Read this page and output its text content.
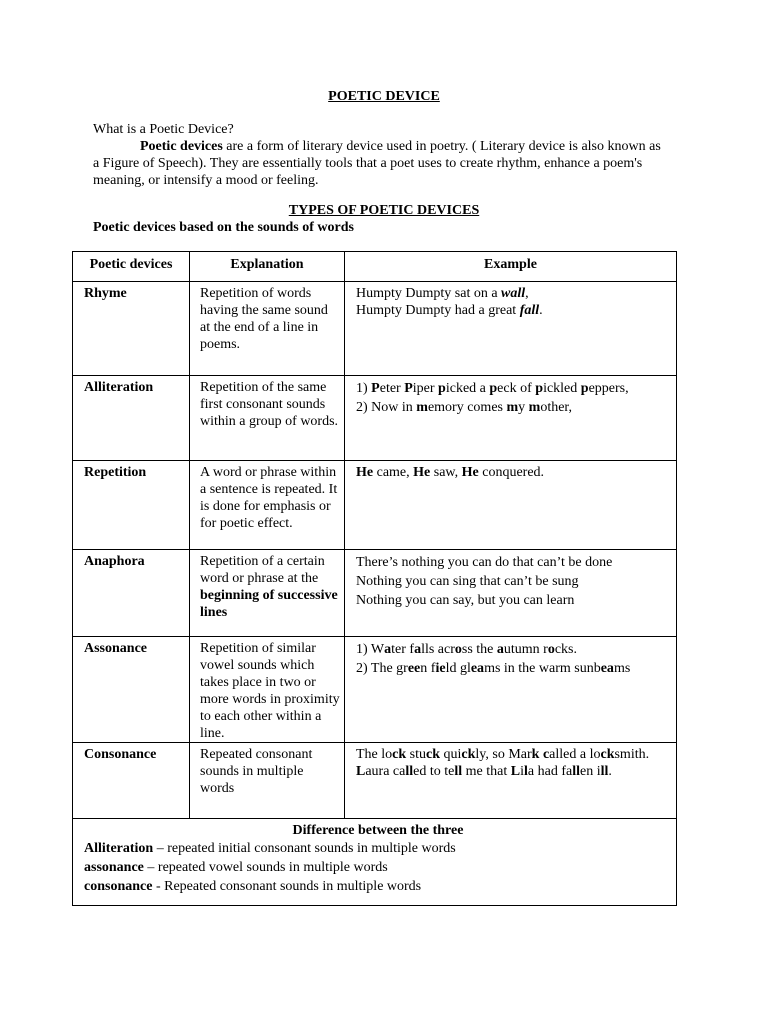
POETIC DEVICE

What is a Poetic Device?

Poetic devices are a form of literary device used in poetry. ( Literary device is also known as a Figure of Speech). They are essentially tools that a poet uses to create rhythm, enhance a poem's meaning, or intensify a mood or feeling.

TYPES OF POETIC DEVICES
Poetic devices based on the sounds of words
Poetic devices	Explanation	Example
Rhyme	Repetition of words having the same sound at the end of a line in poems.	Humpty Dumpty sat on a wall,
Humpty Dumpty had a great fall.

Alliteration	Repetition of the same first consonant sounds within a group of words.	1) Peter Piper picked a peck of pickled peppers,
2) Now in memory comes my mother,

Repetition	A word or phrase within a sentence is repeated. It is done for emphasis or for poetic effect.	He came, He saw, He conquered.

Anaphora	Repetition of a certain word or phrase at the beginning of successive lines	There’s nothing you can do that can’t be done
Nothing you can sing that can’t be sung
Nothing you can say, but you can learn

Assonance	Repetition of similar vowel sounds which takes place in two or more words in proximity to each other within a line.	1) Water falls across the autumn rocks.
2) The green field gleams in the warm sunbeams

Consonance	Repeated consonant sounds in multiple words	The lock stuck quickly, so Mark called a locksmith.
Laura called to tell me that Lila had fallen ill.

Difference between the three
Alliteration – repeated initial consonant sounds in multiple words
assonance – repeated vowel sounds in multiple words
consonance - Repeated consonant sounds in multiple words		
